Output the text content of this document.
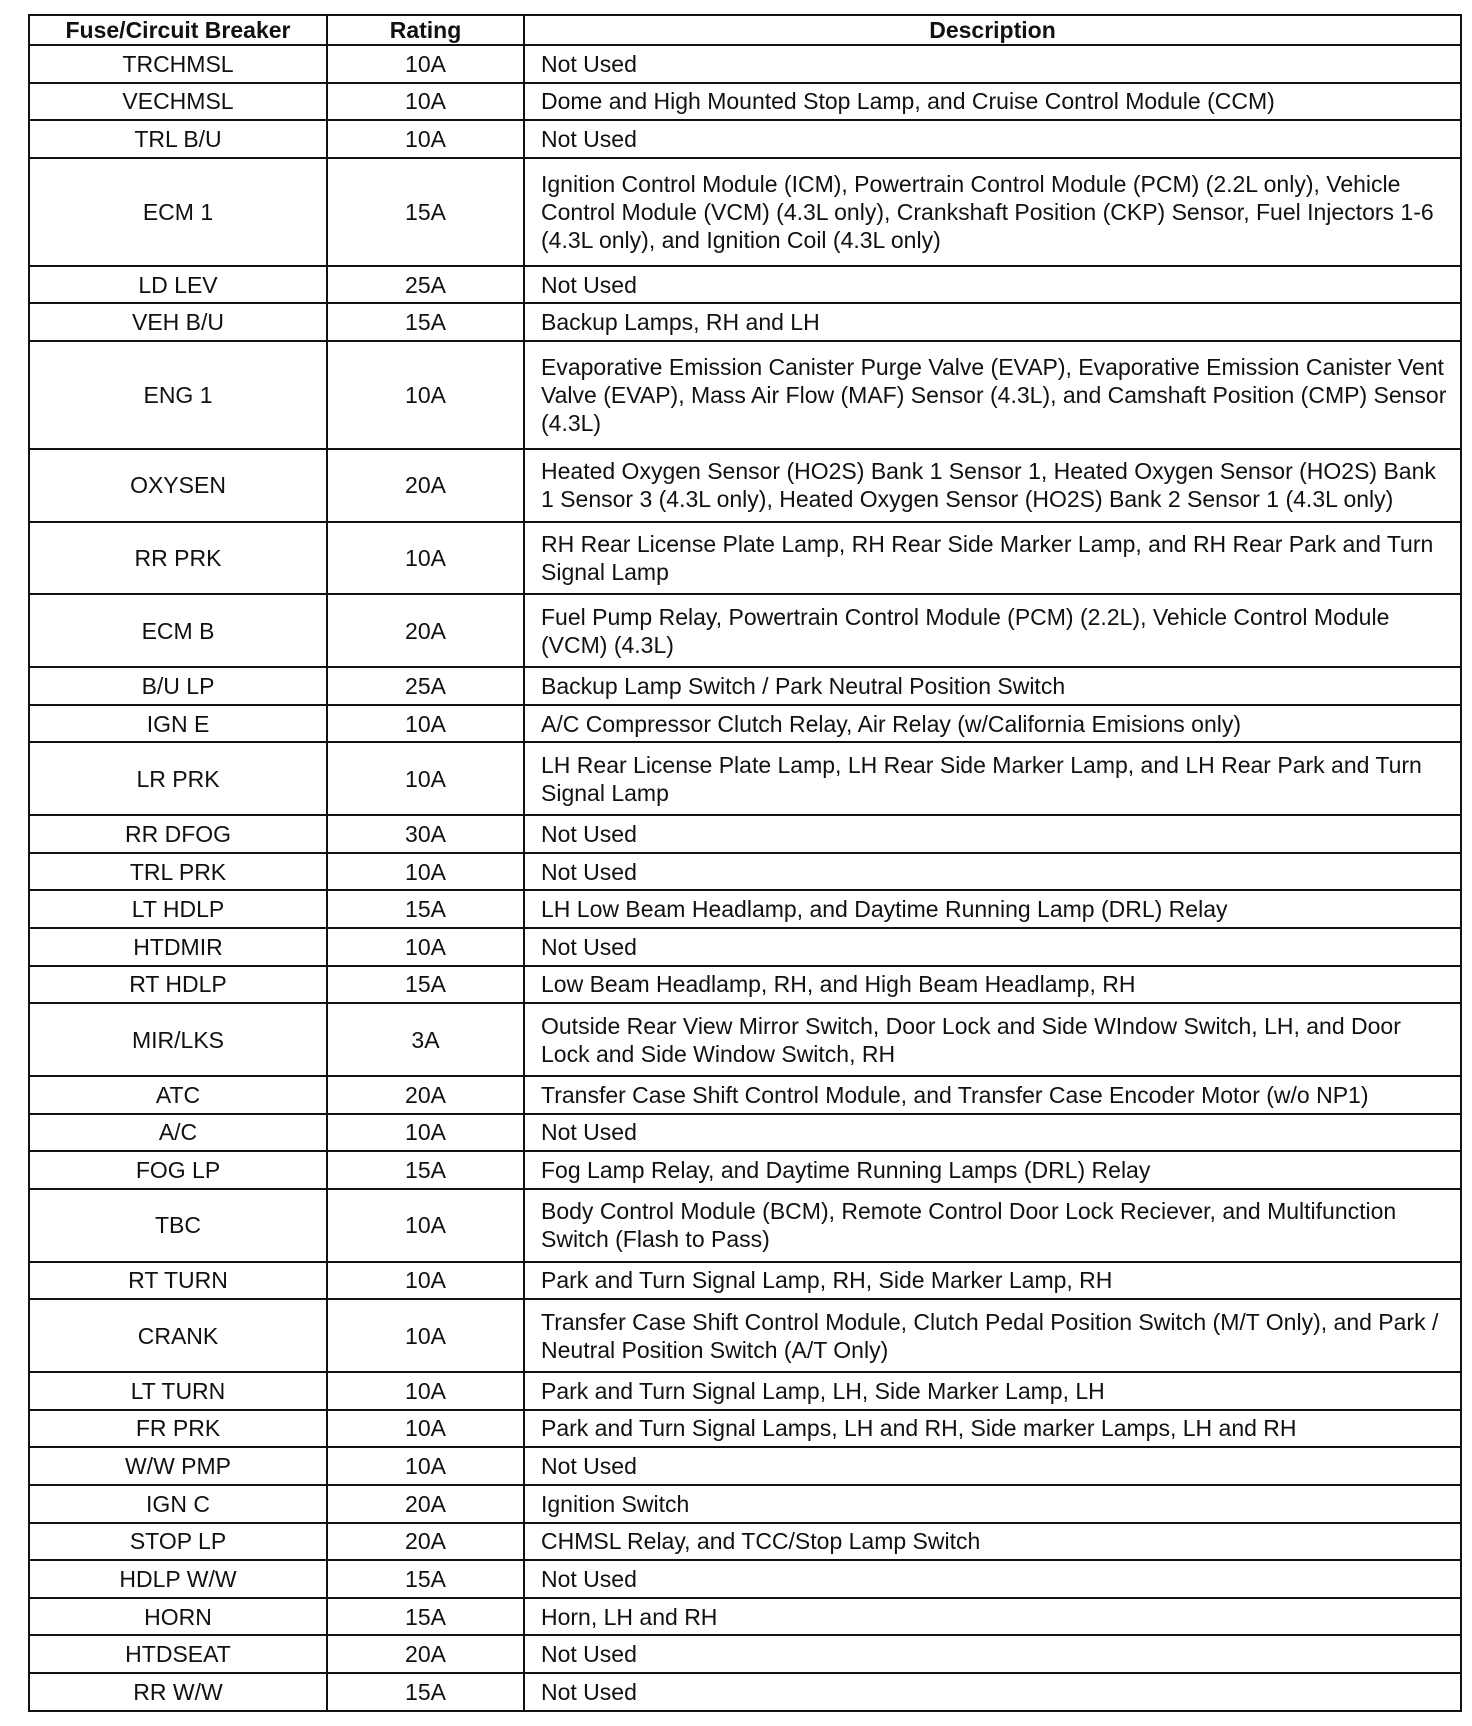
Fuse/Circuit Breaker	Rating	Description
TRCHMSL	10A	Not Used
VECHMSL	10A	Dome and High Mounted Stop Lamp, and Cruise Control Module (CCM)
TRL B/U	10A	Not Used
ECM 1	15A	Ignition Control Module (ICM), Powertrain Control Module (PCM) (2.2L only), Vehicle Control Module (VCM) (4.3L only), Crankshaft Position (CKP) Sensor, Fuel Injectors 1-6 (4.3L only), and Ignition Coil (4.3L only)
LD LEV	25A	Not Used
VEH B/U	15A	Backup Lamps, RH and LH
ENG 1	10A	Evaporative Emission Canister Purge Valve (EVAP), Evaporative Emission Canister Vent Valve (EVAP), Mass Air Flow (MAF) Sensor (4.3L), and Camshaft Position (CMP) Sensor (4.3L)
OXYSEN	20A	Heated Oxygen Sensor (HO2S) Bank 1 Sensor 1, Heated Oxygen Sensor (HO2S) Bank 1 Sensor 3 (4.3L only), Heated Oxygen Sensor (HO2S) Bank 2 Sensor 1 (4.3L only)
RR PRK	10A	RH Rear License Plate Lamp, RH Rear Side Marker Lamp, and RH Rear Park and Turn Signal Lamp
ECM B	20A	Fuel Pump Relay, Powertrain Control Module (PCM) (2.2L), Vehicle Control Module (VCM) (4.3L)
B/U LP	25A	Backup Lamp Switch / Park Neutral Position Switch
IGN E	10A	A/C Compressor Clutch Relay, Air Relay (w/California Emisions only)
LR PRK	10A	LH Rear License Plate Lamp, LH Rear Side Marker Lamp, and LH Rear Park and Turn Signal Lamp
RR DFOG	30A	Not Used
TRL PRK	10A	Not Used
LT HDLP	15A	LH Low Beam Headlamp, and Daytime Running Lamp (DRL) Relay
HTDMIR	10A	Not Used
RT HDLP	15A	Low Beam Headlamp, RH, and High Beam Headlamp, RH
MIR/LKS	3A	Outside Rear View Mirror Switch, Door Lock and Side WIndow Switch, LH, and Door Lock and Side Window Switch, RH
ATC	20A	Transfer Case Shift Control Module, and Transfer Case Encoder Motor (w/o NP1)
A/C	10A	Not Used
FOG LP	15A	Fog Lamp Relay, and Daytime Running Lamps (DRL) Relay
TBC	10A	Body Control Module (BCM), Remote Control Door Lock Reciever, and Multifunction Switch (Flash to Pass)
RT TURN	10A	Park and Turn Signal Lamp, RH, Side Marker Lamp, RH
CRANK	10A	Transfer Case Shift Control Module, Clutch Pedal Position Switch (M/T Only), and Park / Neutral Position Switch (A/T Only)
LT TURN	10A	Park and Turn Signal Lamp, LH, Side Marker Lamp, LH
FR PRK	10A	Park and Turn Signal Lamps, LH and RH, Side marker Lamps, LH and RH
W/W PMP	10A	Not Used
IGN C	20A	Ignition Switch
STOP LP	20A	CHMSL Relay, and TCC/Stop Lamp Switch
HDLP W/W	15A	Not Used
HORN	15A	Horn, LH and RH
HTDSEAT	20A	Not Used
RR W/W	15A	Not Used
